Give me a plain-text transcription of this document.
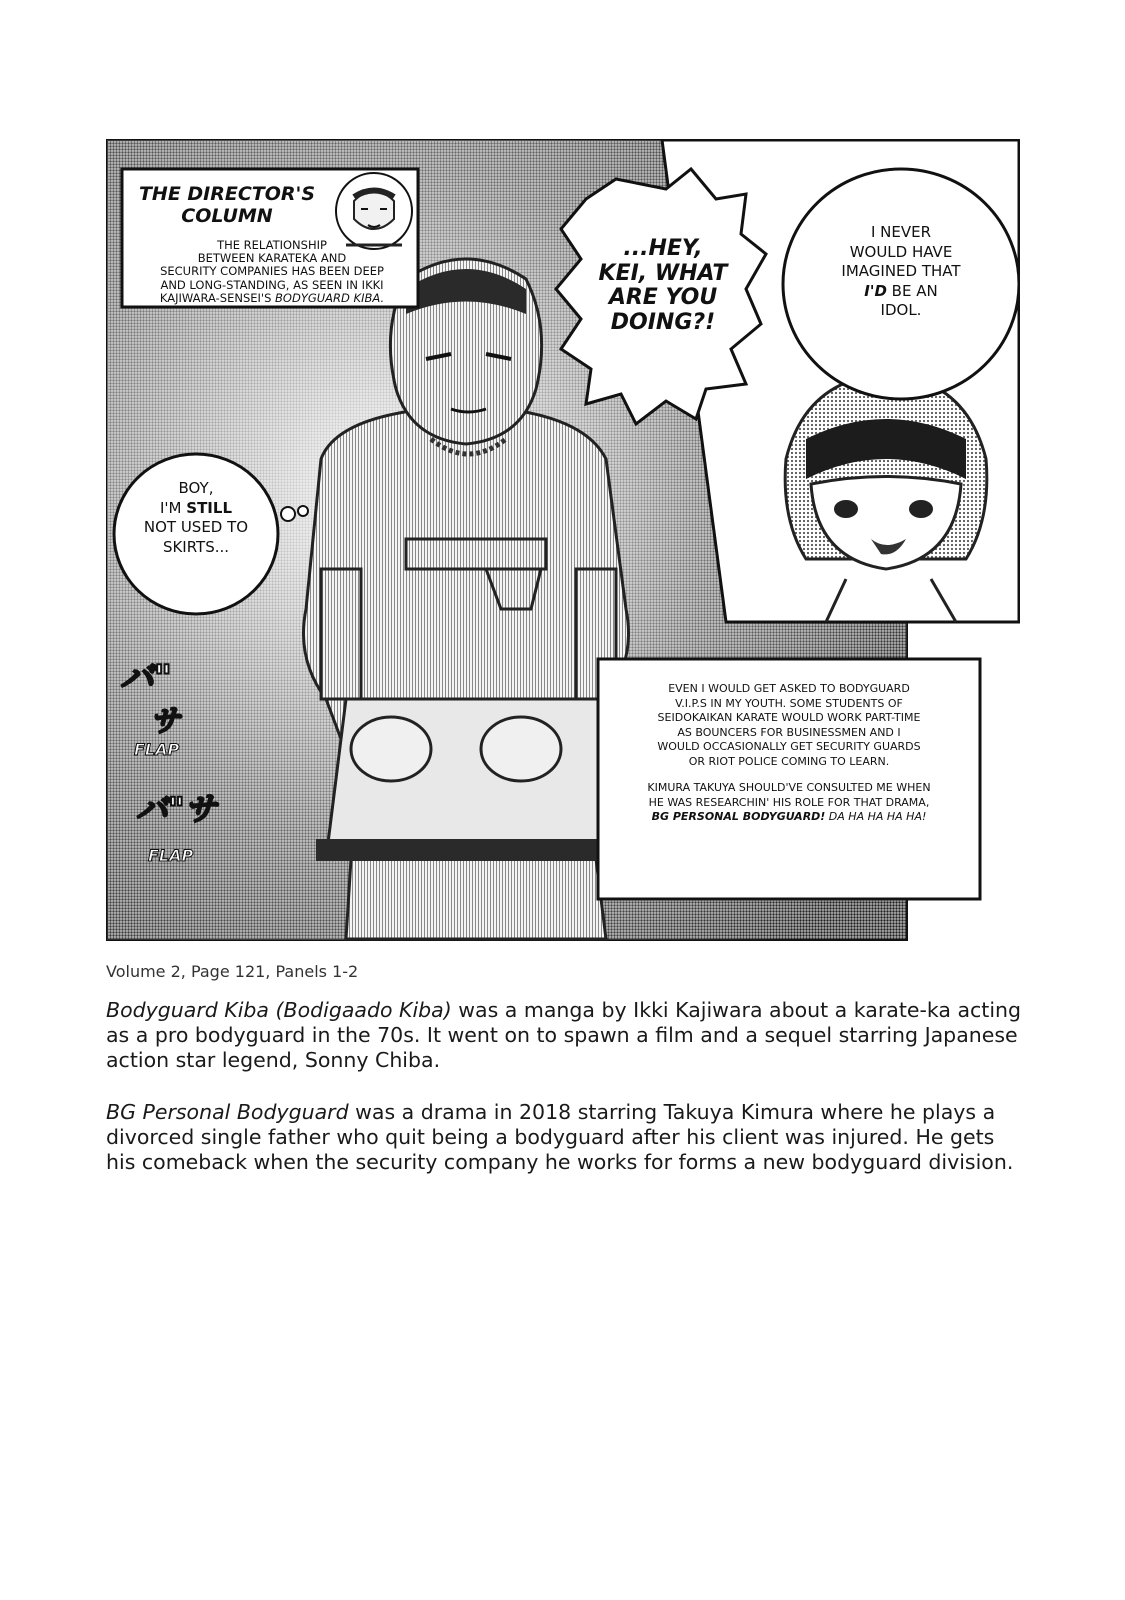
THE DIRECTOR'S
COLUMN
THE RELATIONSHIP
BETWEEN KARATEKA AND
SECURITY COMPANIES HAS BEEN DEEP
AND LONG-STANDING, AS SEEN IN IKKI
KAJIWARA-SENSEI'S BODYGUARD KIBA.
...HEY,
KEI, WHAT
ARE YOU
DOING?!
I NEVER
WOULD HAVE
IMAGINED THAT
I'D BE AN
IDOL.
BOY,
I'M STILL
NOT USED TO
SKIRTS...
バ"
サ
FLAP
バ"サ
FLAP
EVEN I WOULD GET ASKED TO BODYGUARD
V.I.P.S IN MY YOUTH. SOME STUDENTS OF
SEIDOKAIKAN KARATE WOULD WORK PART-TIME
AS BOUNCERS FOR BUSINESSMEN AND I
WOULD OCCASIONALLY GET SECURITY GUARDS
OR RIOT POLICE COMING TO LEARN.
KIMURA TAKUYA SHOULD'VE CONSULTED ME WHEN
HE WAS RESEARCHIN' HIS ROLE FOR THAT DRAMA,
BG PERSONAL BODYGUARD! DA HA HA HA HA!
Volume 2, Page 121, Panels 1-2

Bodyguard Kiba (Bodigaado Kiba) was a manga by Ikki Kajiwara about a karate-ka acting as a pro bodyguard in the 70s. It went on to spawn a film and a sequel starring Japanese action star legend, Sonny Chiba.

BG Personal Bodyguard was a drama in 2018 starring Takuya Kimura where he plays a divorced single father who quit being a bodyguard after his client was injured. He gets his comeback when the security company he works for forms a new bodyguard division.
